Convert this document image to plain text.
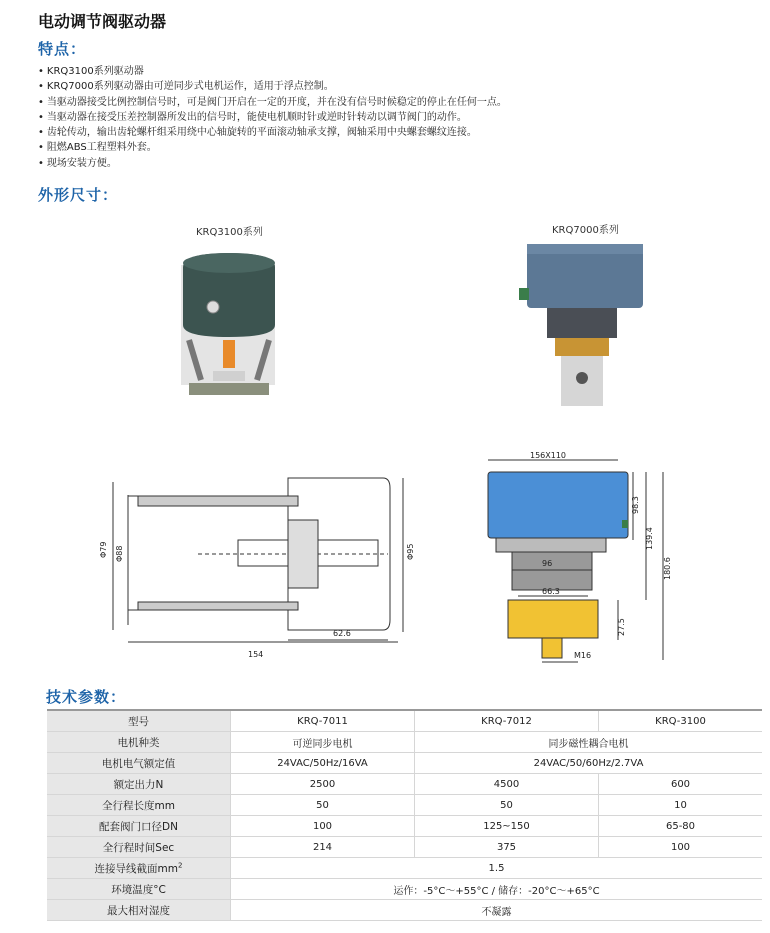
电动调节阀驱动器
特点：
• KRQ3100系列驱动器
• KRQ7000系列驱动器由可逆同步式电机运作，适用于浮点控制。
• 当驱动器接受比例控制信号时，可是阀门开启在一定的开度，并在没有信号时候稳定的停止在任何一点。
• 当驱动器在接受压差控制器所发出的信号时，能使电机顺时针或逆时针转动以调节阀门的动作。
• 齿轮传动，输出齿轮螺杆组采用绕中心轴旋转的平面滚动轴承支撑，阀轴采用中央螺套螺纹连接。
• 阻燃ABS工程塑料外套。
• 现场安装方便。
外形尺寸：
KRQ3100系列	KRQ7000系列
Φ79 Φ88	Φ95
154
62.6
156X110
98.3
139.4
180.6
96
66.3
27.5
M16
技术参数：
型号	KRQ-7011	KRQ-7012	KRQ-3100
电机种类	可逆同步电机	同步磁性耦合电机	
电机电气额定值	24VAC/50Hz/16VA	24VAC/50/60Hz/2.7VA	
额定出力N	2500	4500	600
全行程长度mm	50	50	10
配套阀门口径DN	100	125~150	65-80
全行程时间Sec	214	375	100
连接导线截面$mm^2$	1.5		
环境温度°C	运作：-5°C～+55°C / 储存：-20°C～+65°C		
最大相对湿度	不凝露		
